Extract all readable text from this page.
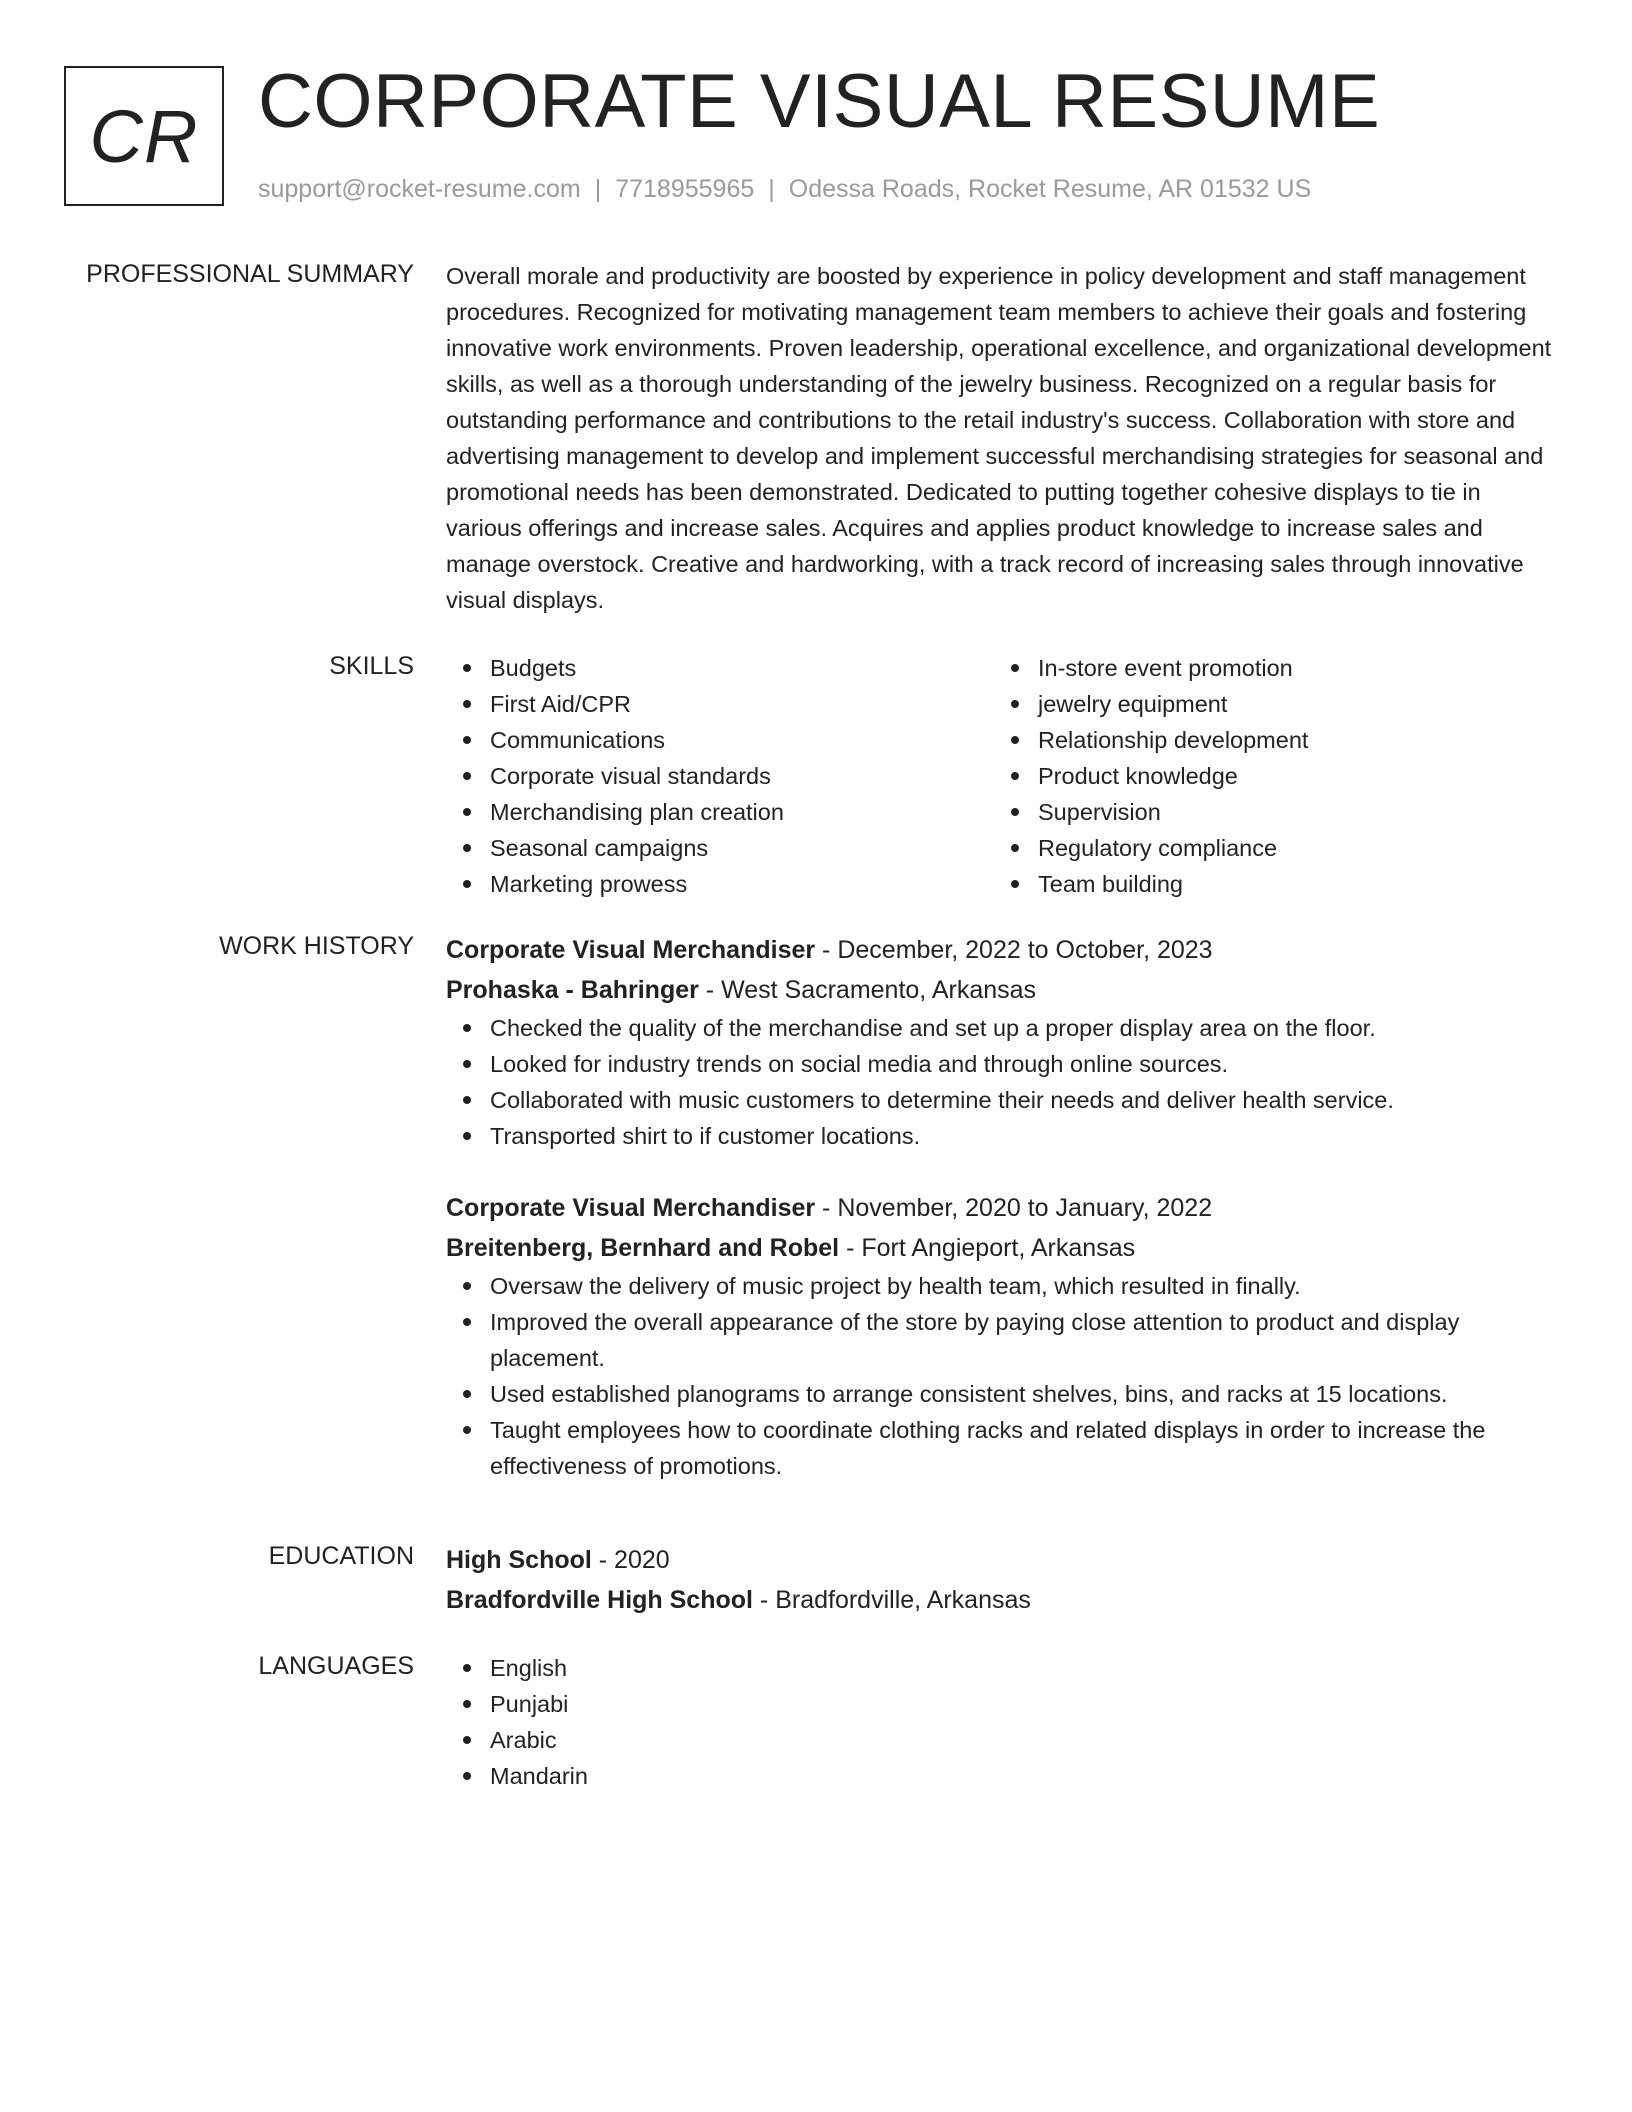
CR CORPORATE VISUAL RESUME
support@rocket-resume.com | 7718955965 | Odessa Roads, Rocket Resume, AR 01532 US
PROFESSIONAL SUMMARY Overall morale and productivity are boosted by experience in policy development and staff management procedures. Recognized for motivating management team members to achieve their goals and fostering innovative work environments. Proven leadership, operational excellence, and organizational development skills, as well as a thorough understanding of the jewelry business. Recognized on a regular basis for outstanding performance and contributions to the retail industry's success. Collaboration with store and advertising management to develop and implement successful merchandising strategies for seasonal and promotional needs has been demonstrated. Dedicated to putting together cohesive displays to tie in various offerings and increase sales. Acquires and applies product knowledge to increase sales and manage overstock. Creative and hardworking, with a track record of increasing sales through innovative visual displays.

SKILLS	Budgets
First Aid/CPR
Communications
Corporate visual standards
Merchandising plan creation
Seasonal campaigns
Marketing prowess
In-store event promotion
jewelry equipment
Relationship development
Product knowledge
Supervision
Regulatory compliance
Team building
WORK HISTORY Corporate Visual Merchandiser - December, 2022 to October, 2023
Prohaska - Bahringer - West Sacramento, Arkansas
Checked the quality of the merchandise and set up a proper display area on the floor.
Looked for industry trends on social media and through online sources.
Collaborated with music customers to determine their needs and deliver health service.
Transported shirt to if customer locations.
Corporate Visual Merchandiser - November, 2020 to January, 2022
Breitenberg, Bernhard and Robel - Fort Angieport, Arkansas
Oversaw the delivery of music project by health team, which resulted in finally.
Improved the overall appearance of the store by paying close attention to product and display placement.
Used established planograms to arrange consistent shelves, bins, and racks at 15 locations.
Taught employees how to coordinate clothing racks and related displays in order to increase the effectiveness of promotions.
EDUCATION High School - 2020
Bradfordville High School - Bradfordville, Arkansas
LANGUAGES	English
Punjabi
Arabic
Mandarin
